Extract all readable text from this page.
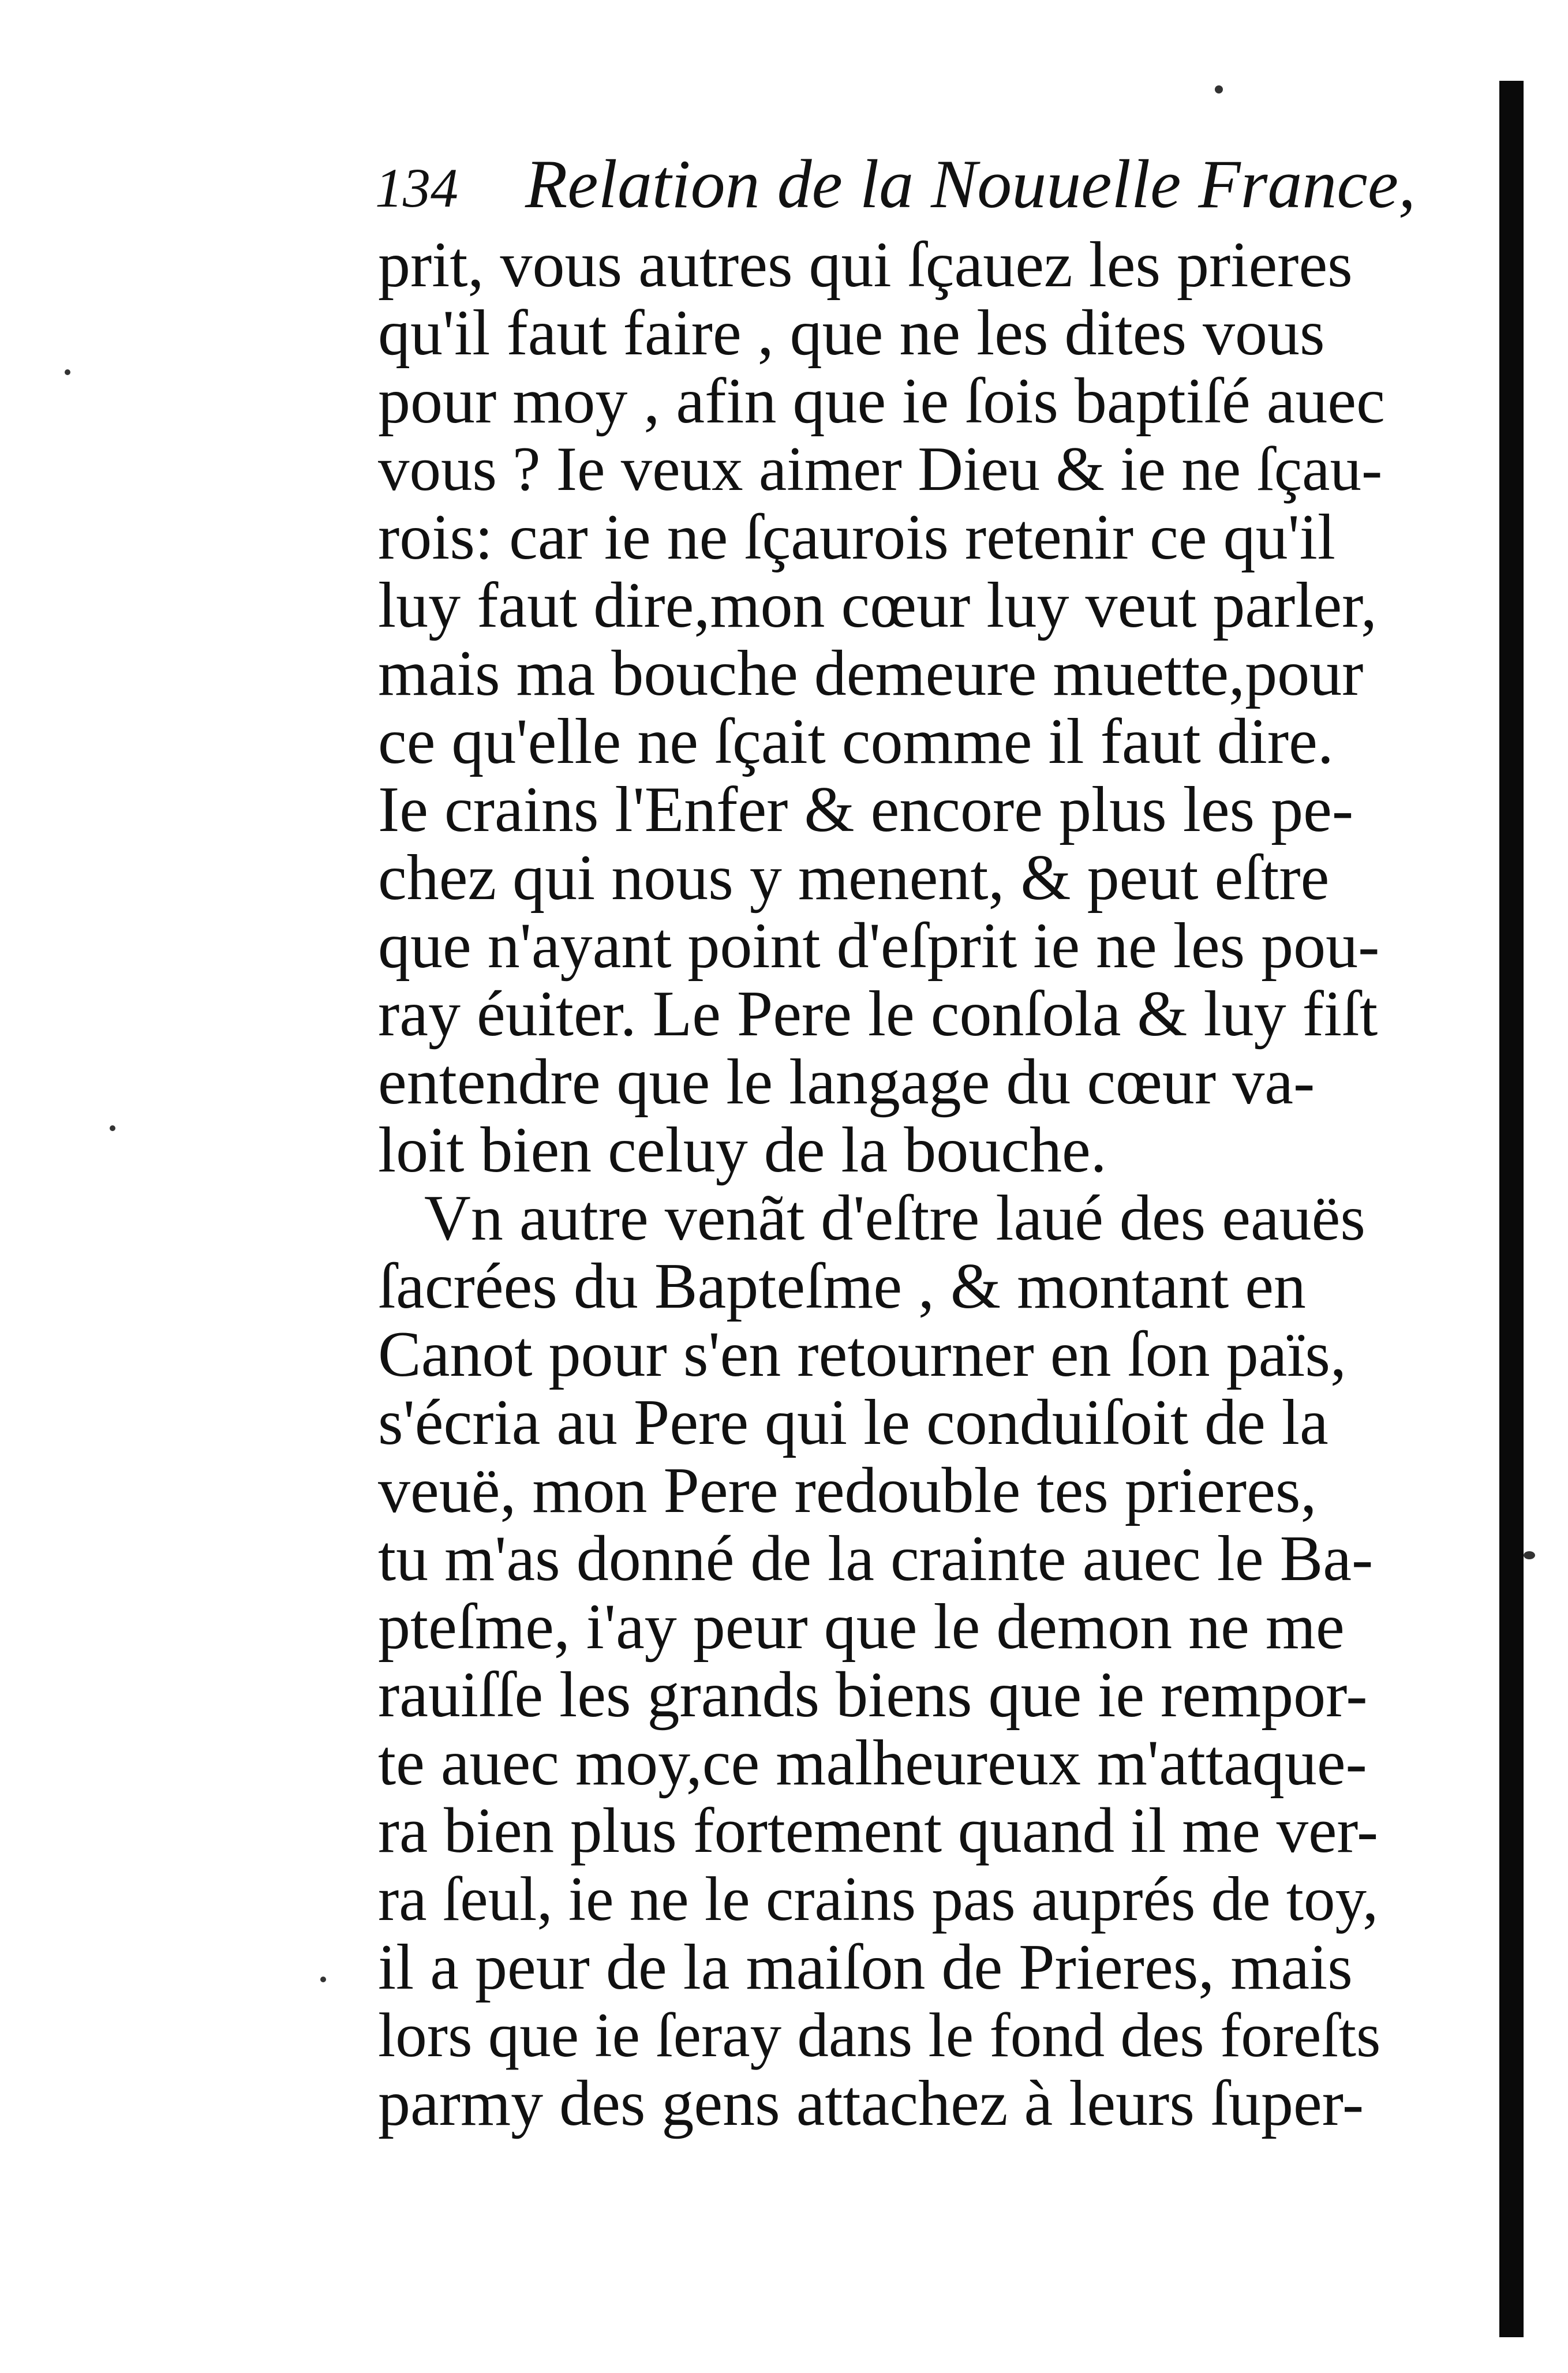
134 Relation de la Nouuelle France,
prit, vous autres qui ſçauez les prieres
qu'il faut faire , que ne les dites vous
pour moy , afin que ie ſois baptiſé auec
vous ? Ie veux aimer Dieu & ie ne ſçau-
rois: car ie ne ſçaurois retenir ce qu'il
luy faut dire,mon cœur luy veut parler,
mais ma bouche demeure muette,pour
ce qu'elle ne ſçait comme il faut dire.
Ie crains l'Enfer & encore plus les pe-
chez qui nous y menent, & peut eſtre
que n'ayant point d'eſprit ie ne les pou-
ray éuiter. Le Pere le conſola & luy fiſt
entendre que le langage du cœur va-
loit bien celuy de la bouche.
Vn autre venãt d'eſtre laué des eauës
ſacrées du Bapteſme , & montant en
Canot pour s'en retourner en ſon païs,
s'écria au Pere qui le conduiſoit de la
veuë, mon Pere redouble tes prieres,
tu m'as donné de la crainte auec le Ba-
pteſme, i'ay peur que le demon ne me
rauiſſe les grands biens que ie rempor-
te auec moy,ce malheureux m'attaque-
ra bien plus fortement quand il me ver-
ra ſeul, ie ne le crains pas auprés de toy,
il a peur de la maiſon de Prieres, mais
lors que ie ſeray dans le fond des foreſts
parmy des gens attachez à leurs ſuper-
